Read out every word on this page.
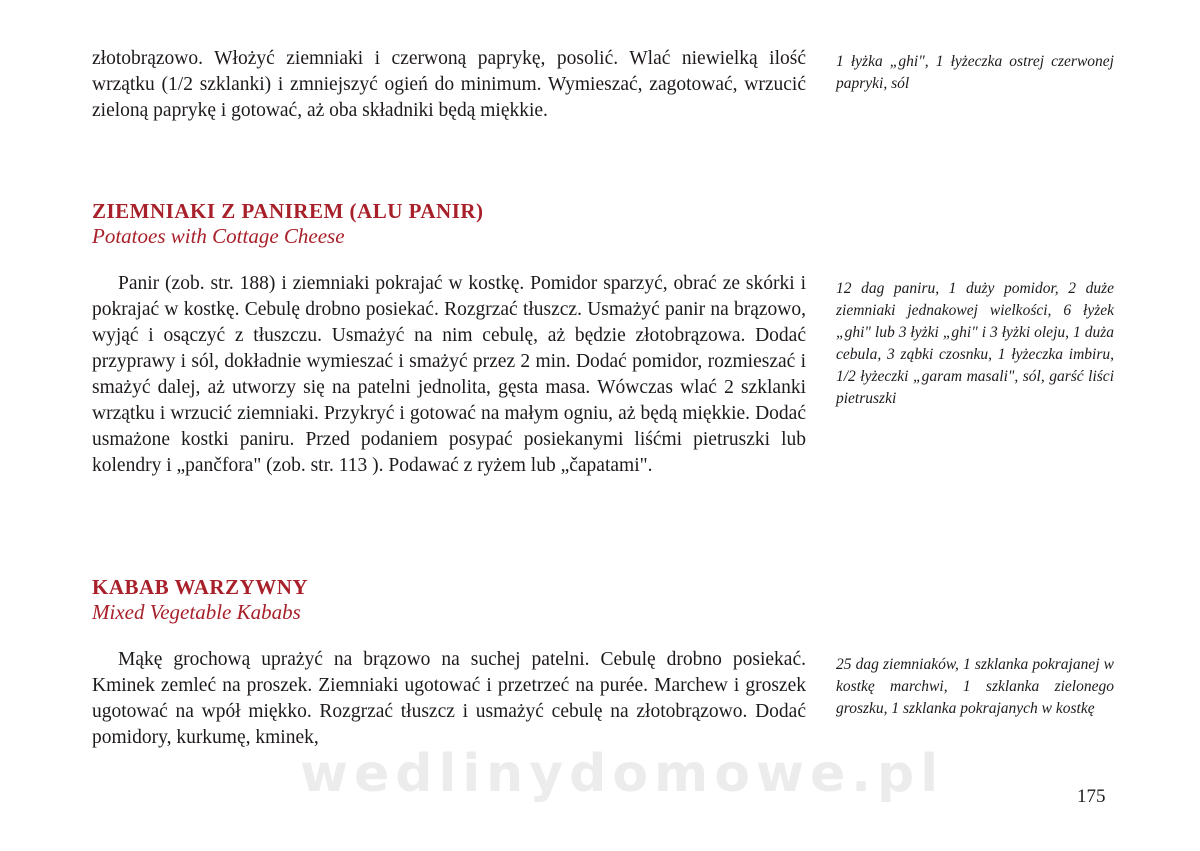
złotobrązowo. Włożyć ziemniaki i czerwoną paprykę, posolić. Wlać niewielką ilość wrzątku (1/2 szklanki) i zmniejszyć ogień do minimum. Wymieszać, zagotować, wrzucić zieloną paprykę i gotować, aż oba składniki będą miękkie.

1 łyżka „ghi", 1 łyżeczka ostrej czerwonej papryki, sól

ZIEMNIAKI Z PANIREM (ALU PANIR)
Potatoes with Cottage Cheese

Panir (zob. str. 188) i ziemniaki pokrajać w kostkę. Pomidor sparzyć, obrać ze skórki i pokrajać w kostkę. Cebulę drobno posiekać. Rozgrzać tłuszcz. Usmażyć panir na brązowo, wyjąć i osączyć z tłuszczu. Usmażyć na nim cebulę, aż będzie złotobrązowa. Dodać przyprawy i sól, dokładnie wymieszać i smażyć przez 2 min. Dodać pomidor, rozmieszać i smażyć dalej, aż utworzy się na patelni jednolita, gęsta masa. Wówczas wlać 2 szklanki wrzątku i wrzucić ziemniaki. Przykryć i gotować na małym ogniu, aż będą miękkie. Dodać usmażone kostki paniru. Przed podaniem posypać posiekanymi liśćmi pietruszki lub kolendry i „pančfora" (zob. str. 113 ). Podawać z ryżem lub „čapatami".

12 dag paniru, 1 duży pomidor, 2 duże ziemniaki jednakowej wielkości, 6 łyżek „ghi" lub 3 łyżki „ghi" i 3 łyżki oleju, 1 duża cebula, 3 ząbki czosnku, 1 łyżeczka imbiru, 1/2 łyżeczki „garam masali", sól, garść liści pietruszki

KABAB WARZYWNY
Mixed Vegetable Kababs

Mąkę grochową uprażyć na brązowo na suchej patelni. Cebulę drobno posiekać. Kminek zemleć na proszek. Ziemniaki ugotować i przetrzeć na purée. Marchew i groszek ugotować na wpół miękko. Rozgrzać tłuszcz i usmażyć cebulę na złotobrązowo. Dodać pomidory, kurkumę, kminek,

25 dag ziemniaków, 1 szklanka pokrajanej w kostkę marchwi, 1 szklanka zielonego groszku, 1 szklanka pokrajanych w kostkę

wedlinydomowe.pl	175
